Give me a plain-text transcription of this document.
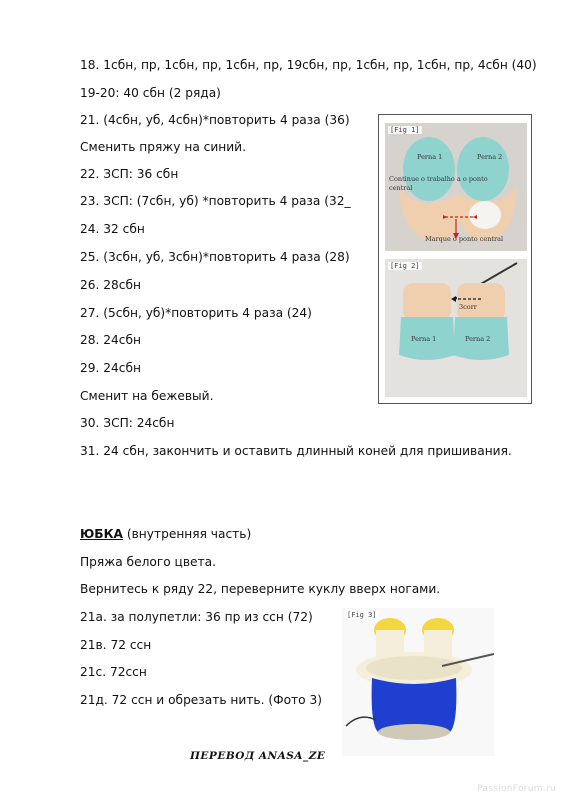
18. 1сбн, пр, 1сбн, пр, 1сбн, пр, 19сбн, пр, 1сбн, пр, 1сбн, пр, 4сбн (40)
19-20: 40 сбн (2 ряда)
21. (4сбн, уб, 4сбн)*повторить 4 раза (36)
Сменить пряжу на синий.
22. ЗСП: 36 сбн
23. ЗСП: (7сбн, уб) *повторить 4 раза (32_
24. 32 сбн
25. (3сбн, уб, 3сбн)*повторить 4 раза (28)
26. 28сбн
27. (5сбн, уб)*повторить 4 раза (24)
28. 24сбн
29. 24сбн
Сменит на бежевый.
30. ЗСП: 24сбн
31. 24 сбн, закончить и оставить длинный коней для пришивания.
ЮБКА (внутренняя часть)
Пряжа белого цвета.
Вернитесь к ряду 22, переверните куклу вверх ногами.
21а. за полупетли: 36 пр из ссн (72)
21в. 72 ссн
21с. 72ссн
21д. 72 ссн и обрезать нить. (Фото 3)
[Fig 1]
Perna 1	Perna 2
Continue o trabalho a o ponto
central
Marque o ponto central
[Fig 2]
3corr
Perna 1	Perna 2
[Fig 3]
ПЕРЕВОД ANASA_ZE
PassionForum.ru
